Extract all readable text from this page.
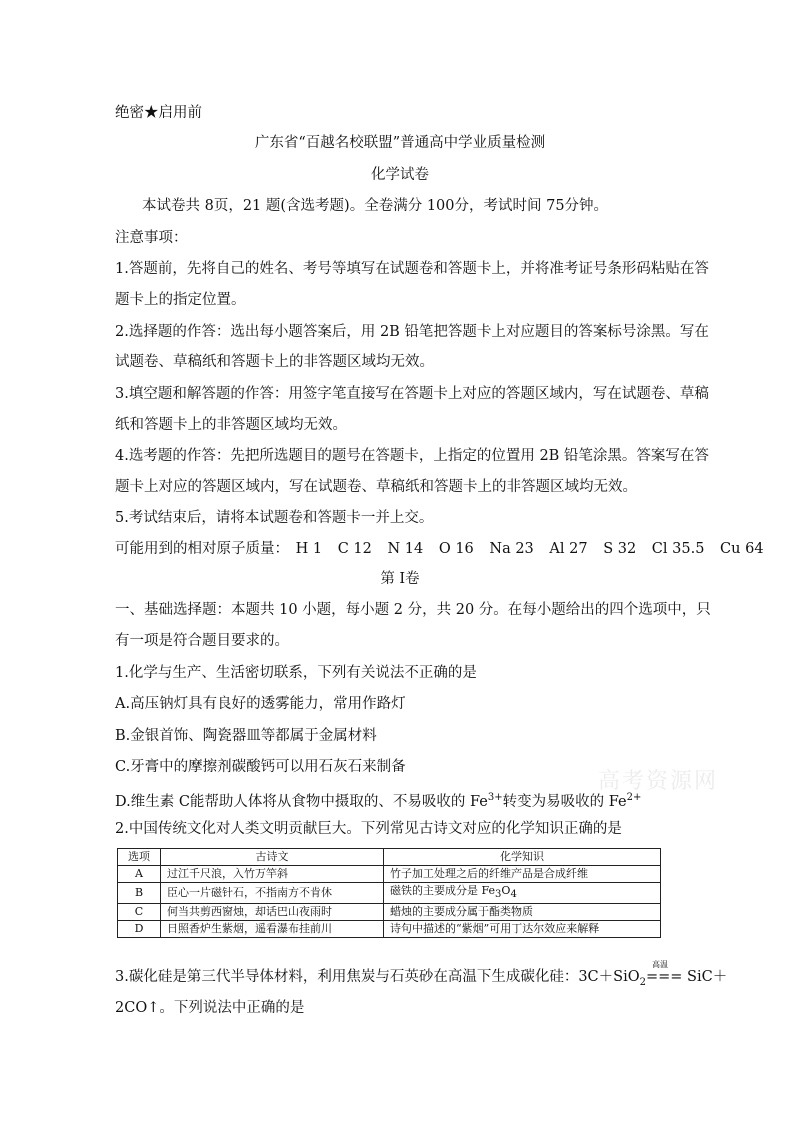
绝密★启用前
广东省“百越名校联盟”普通高中学业质量检测
化学试卷
本试卷共 8页，21 题(含选考题)。全卷满分 100分，考试时间 75分钟。
注意事项：
1.答题前，先将自己的姓名、考号等填写在试题卷和答题卡上，并将准考证号条形码粘贴在答
题卡上的指定位置。
2.选择题的作答：选出每小题答案后，用 2B 铅笔把答题卡上对应题目的答案标号涂黑。写在
试题卷、草稿纸和答题卡上的非答题区域均无效。
3.填空题和解答题的作答：用签字笔直接写在答题卡上对应的答题区域内，写在试题卷、草稿
纸和答题卡上的非答题区域均无效。
4.选考题的作答：先把所选题目的题号在答题卡，上指定的位置用 2B 铅笔涂黑。答案写在答
题卡上对应的答题区域内，写在试题卷、草稿纸和答题卡上的非答题区域均无效。
5.考试结束后，请将本试题卷和答题卡一并上交。
可能用到的相对原子质量： H 1 C 12 N 14 O 16 Na 23 Al 27 S 32 Cl 35.5 Cu 64
第 I卷
一、基础选择题：本题共 10 小题，每小题 2 分，共 20 分。在每小题给出的四个选项中，只
有一项是符合题目要求的。
1.化学与生产、生活密切联系，下列有关说法不正确的是
A.高压钠灯具有良好的透雾能力，常用作路灯
B.金银首饰、陶瓷器皿等都属于金属材料
C.牙膏中的摩擦剂碳酸钙可以用石灰石来制备
D.维生素 C能帮助人体将从食物中摄取的、不易吸收的 $Fe^{3+}$转变为易吸收的 $Fe^{2+}$
高考资源网
2.中国传统文化对人类文明贡献巨大。下列常见古诗文对应的化学知识正确的是
选项	古诗文	化学知识
A	过江千尺浪，入竹万竿斜	竹子加工处理之后的纤维产品是合成纤维
B	臣心一片磁针石，不指南方不肯休	磁铁的主要成分是 $Fe_3O_4$
C	何当共剪西窗烛，却话巴山夜雨时	蜡烛的主要成分属于酯类物质
D	日照香炉生紫烟，遥看瀑布挂前川	诗句中描述的“紫烟”可用丁达尔效应来解释
3.碳化硅是第三代半导体材料，利用焦炭与石英砂在高温下生成碳化硅：3C＋SiO$_2$
高温
=== SiC＋
2CO↑。下列说法中正确的是
